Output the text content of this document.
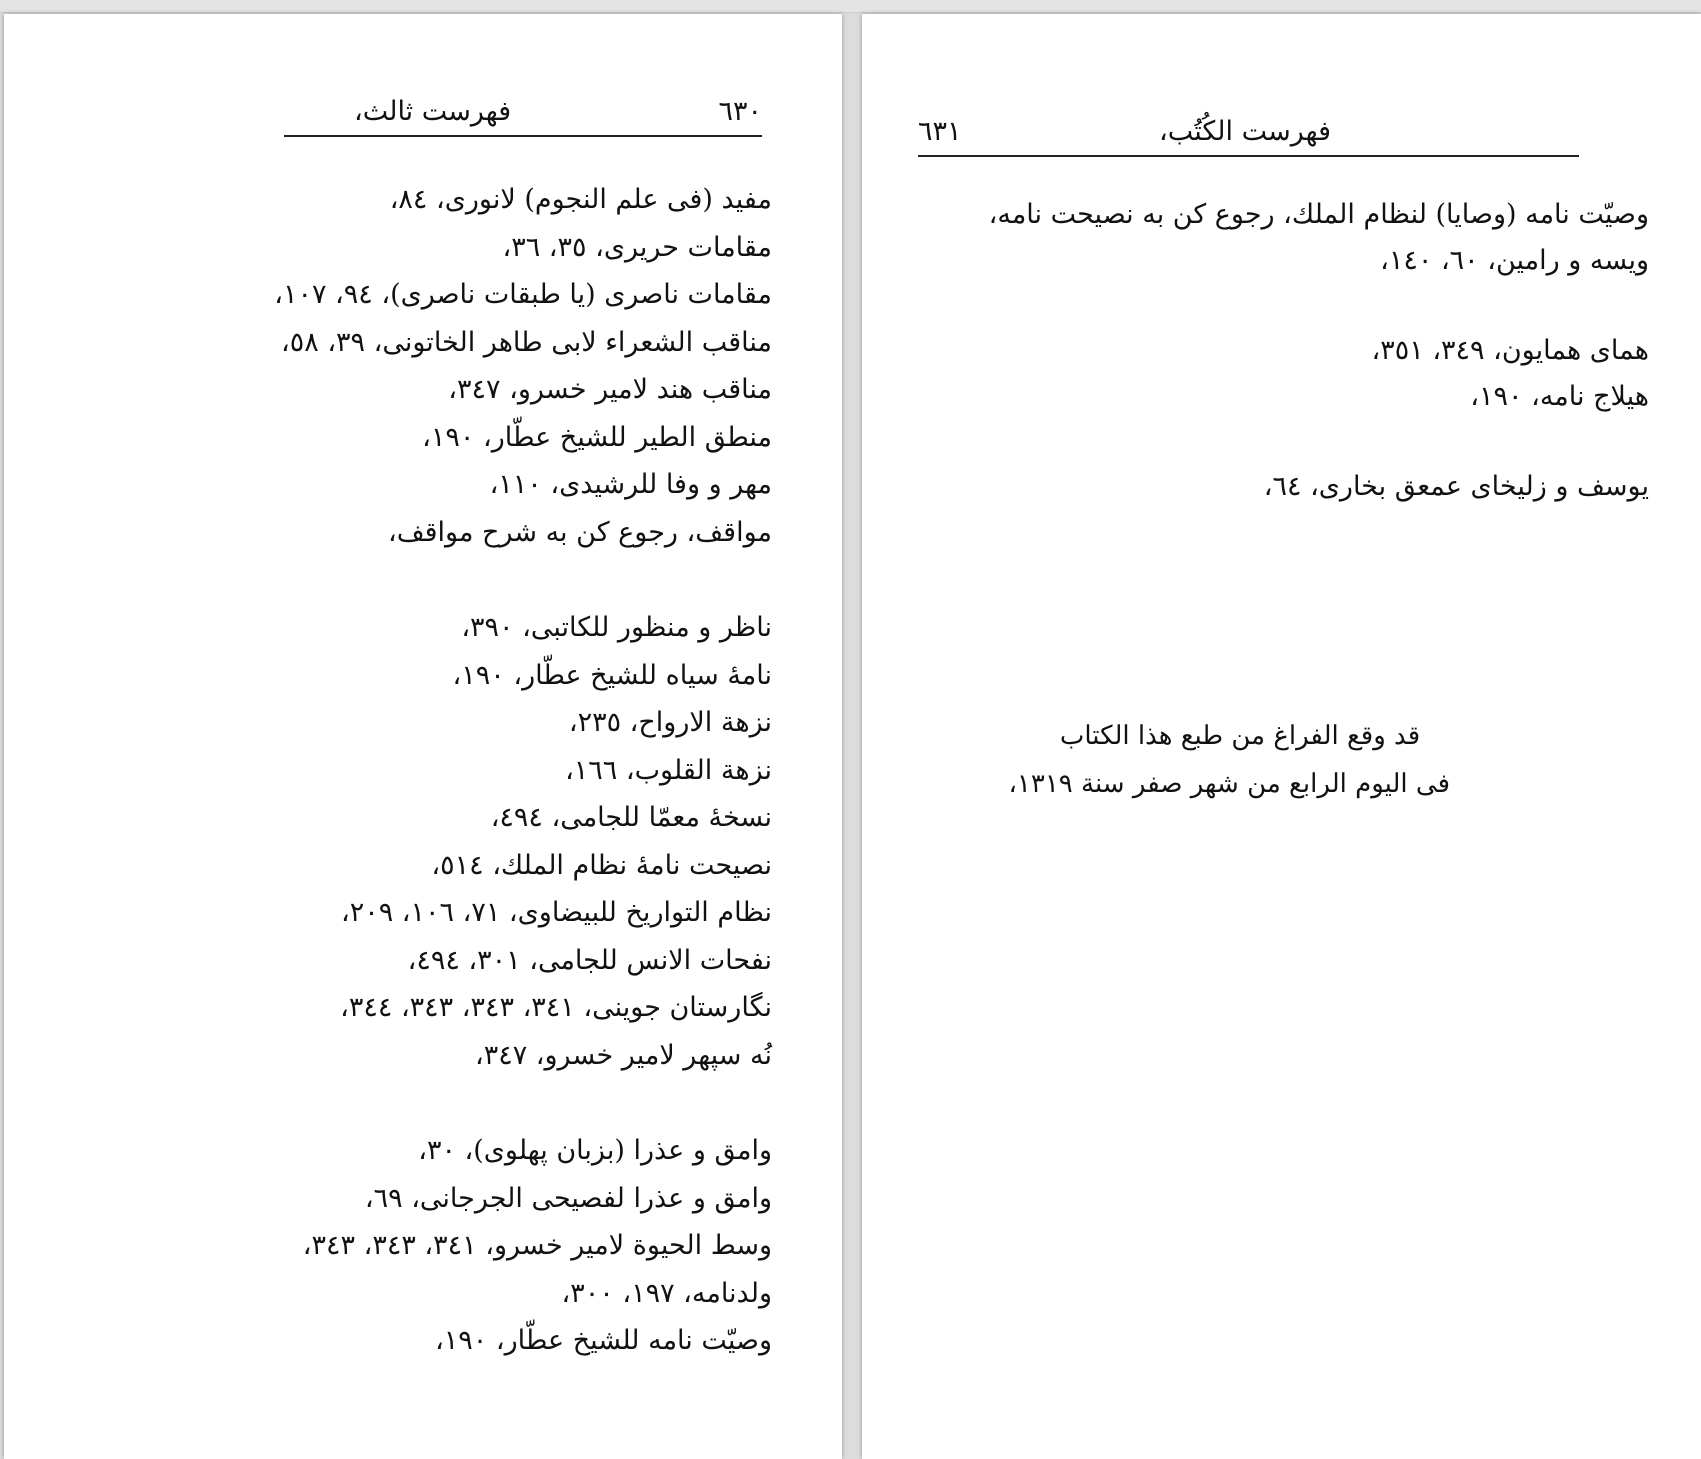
فهرست ثالث،	٦٣٠
مفید (فی علم النجوم) لانوری، ٨٤،
مقامات حریری، ٣٥، ٣٦،
مقامات ناصری (یا طبقات ناصری)، ٩٤، ١٠٧،
مناقب الشعراء لابی طاهر الخاتونی، ٣٩، ٥٨،
مناقب هند لامیر خسرو، ٣٤٧،
منطق الطیر للشیخ عطّار، ١٩٠،
مهر و وفا للرشیدی، ١١٠،
مواقف، رجوع کن به شرح مواقف،
ناظر و منظور للکاتبی، ٣٩٠،
نامهٔ سیاه للشیخ عطّار، ١٩٠،
نزهة الارواح، ٢٣٥،
نزهة القلوب، ١٦٦،
نسخهٔ معمّا للجامی، ٤٩٤،
نصیحت نامهٔ نظام الملك، ٥١٤،
نظام التواریخ للبیضاوی، ٧١، ١٠٦، ٢٠٩،
نفحات الانس للجامی، ٣٠١، ٤٩٤،
نگارستان جوینی، ٣٤١، ٣٤٣، ٣٤٣، ٣٤٤،
نُه سپهر لامیر خسرو، ٣٤٧،
وامق و عذرا (بزبان پهلوی)، ٣٠،
وامق و عذرا لفصیحی الجرجانی، ٦٩،
وسط الحیوة لامیر خسرو، ٣٤١، ٣٤٣، ٣٤٣،
ولدنامه، ١٩٧، ٣٠٠،
وصیّت نامه للشیخ عطّار، ١٩٠،
٦٣١	فهرست الکُتُب،
وصیّت نامه (وصایا) لنظام الملك، رجوع کن به نصیحت نامه،
ویسه و رامین، ٦٠، ١٤٠،
همای همایون، ٣٤٩، ٣٥١،
هیلاج نامه، ١٩٠،
یوسف و زلیخای عمعق بخاری، ٦٤،
قد وقع الفراغ من طبع هذا الکتاب
فی الیوم الرابع من شهر صفر سنة ١٣١٩،
